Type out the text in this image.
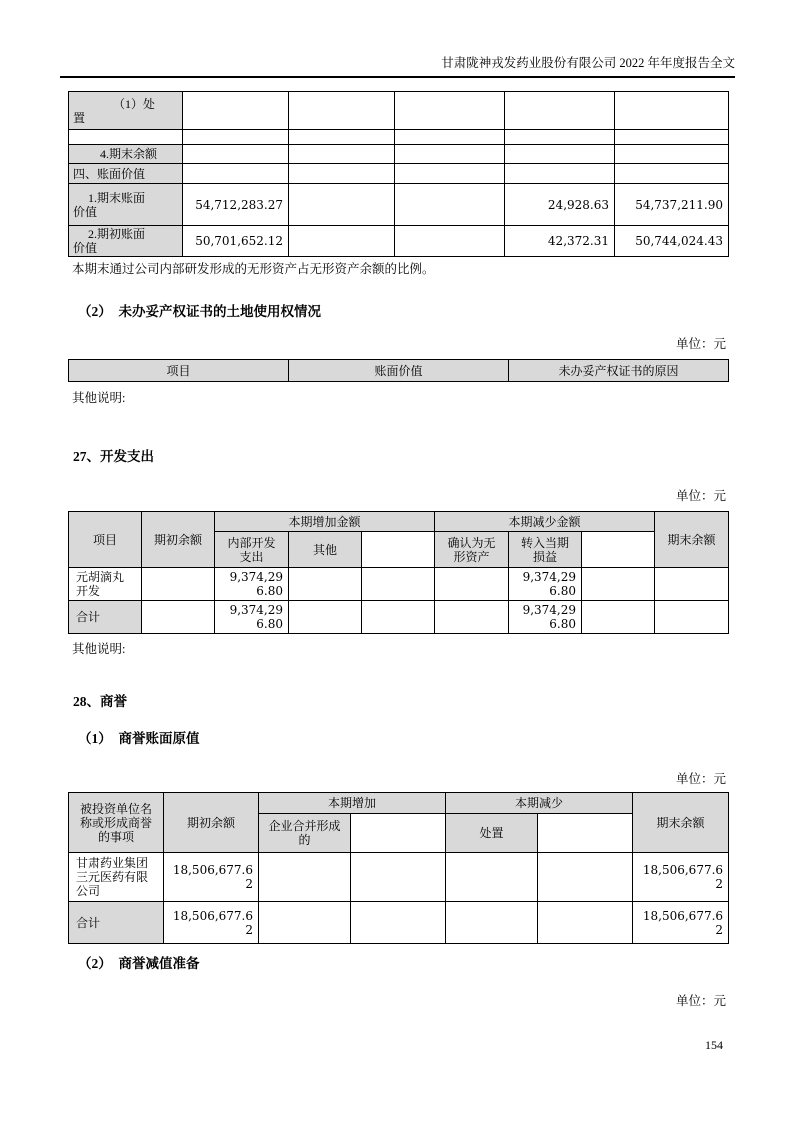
甘肃陇神戎发药业股份有限公司 2022 年年度报告全文
（1）处置					

4.期末余额					
四、账面价值					
1.期末账面价值	54,712,283.27			24,928.63	54,737,211.90
2.期初账面价值	50,701,652.12			42,372.31	50,744,024.43
本期末通过公司内部研发形成的无形资产占无形资产余额的比例。
（2）　未办妥产权证书的土地使用权情况
单位：元
项目	账面价值	未办妥产权证书的原因
其他说明:
27、开发支出
单位：元
项目	期初余额	本期增加金额			本期减少金额			期末余额
		内部开发支出	其他		确认为无形资产	转入当期损益		
元胡滴丸开发		9,374,296.80				9,374,296.80		
合计		9,374,296.80				9,374,296.80		
其他说明:
28、商誉
（1）　商誉账面原值
单位：元
被投资单位名称或形成商誉的事项	期初余额	本期增加		本期减少		期末余额
		企业合并形成的		处置		
甘肃药业集团三元医药有限公司	18,506,677.62					18,506,677.62
合计	18,506,677.62					18,506,677.62
（2）　商誉减值准备
单位：元
154
